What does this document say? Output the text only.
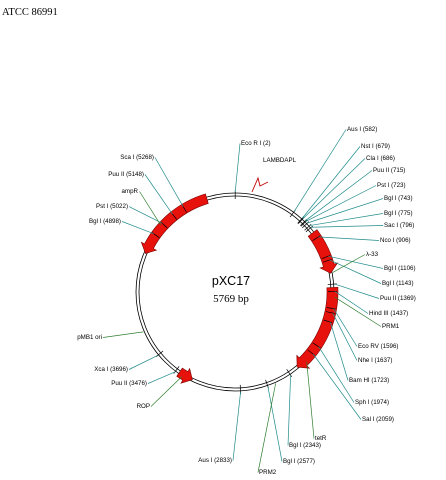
ATCC 86991
Eco R I (2)
Aus I (582)
Nst I (679)
Cla I (686)
Puu II (715)
Pst I (723)
Bgl I (743)
Bgl I (775)
Sac I (796)
Nco I (906)
Bgl I (1106)
Bgl I (1143)
Puu II (1369)
Hind III (1437)
Eco RV (1596)
Nhe I (1637)
Bam HI (1723)
Sph I (1974)
Sal I (2059)
Bgl I (2343)
Bgl I (2577)
Aus I (2833)
Puu II (3476)
Xca I (3696)
Bgl I (4898)
Pst I (5022)
Puu II (5148)
Sca I (5268)	LAMBDAPL
λ-33
PRM1
tetR
PRM2
ROP
pMB1 ori
ampR
pXC17
5769 bp
